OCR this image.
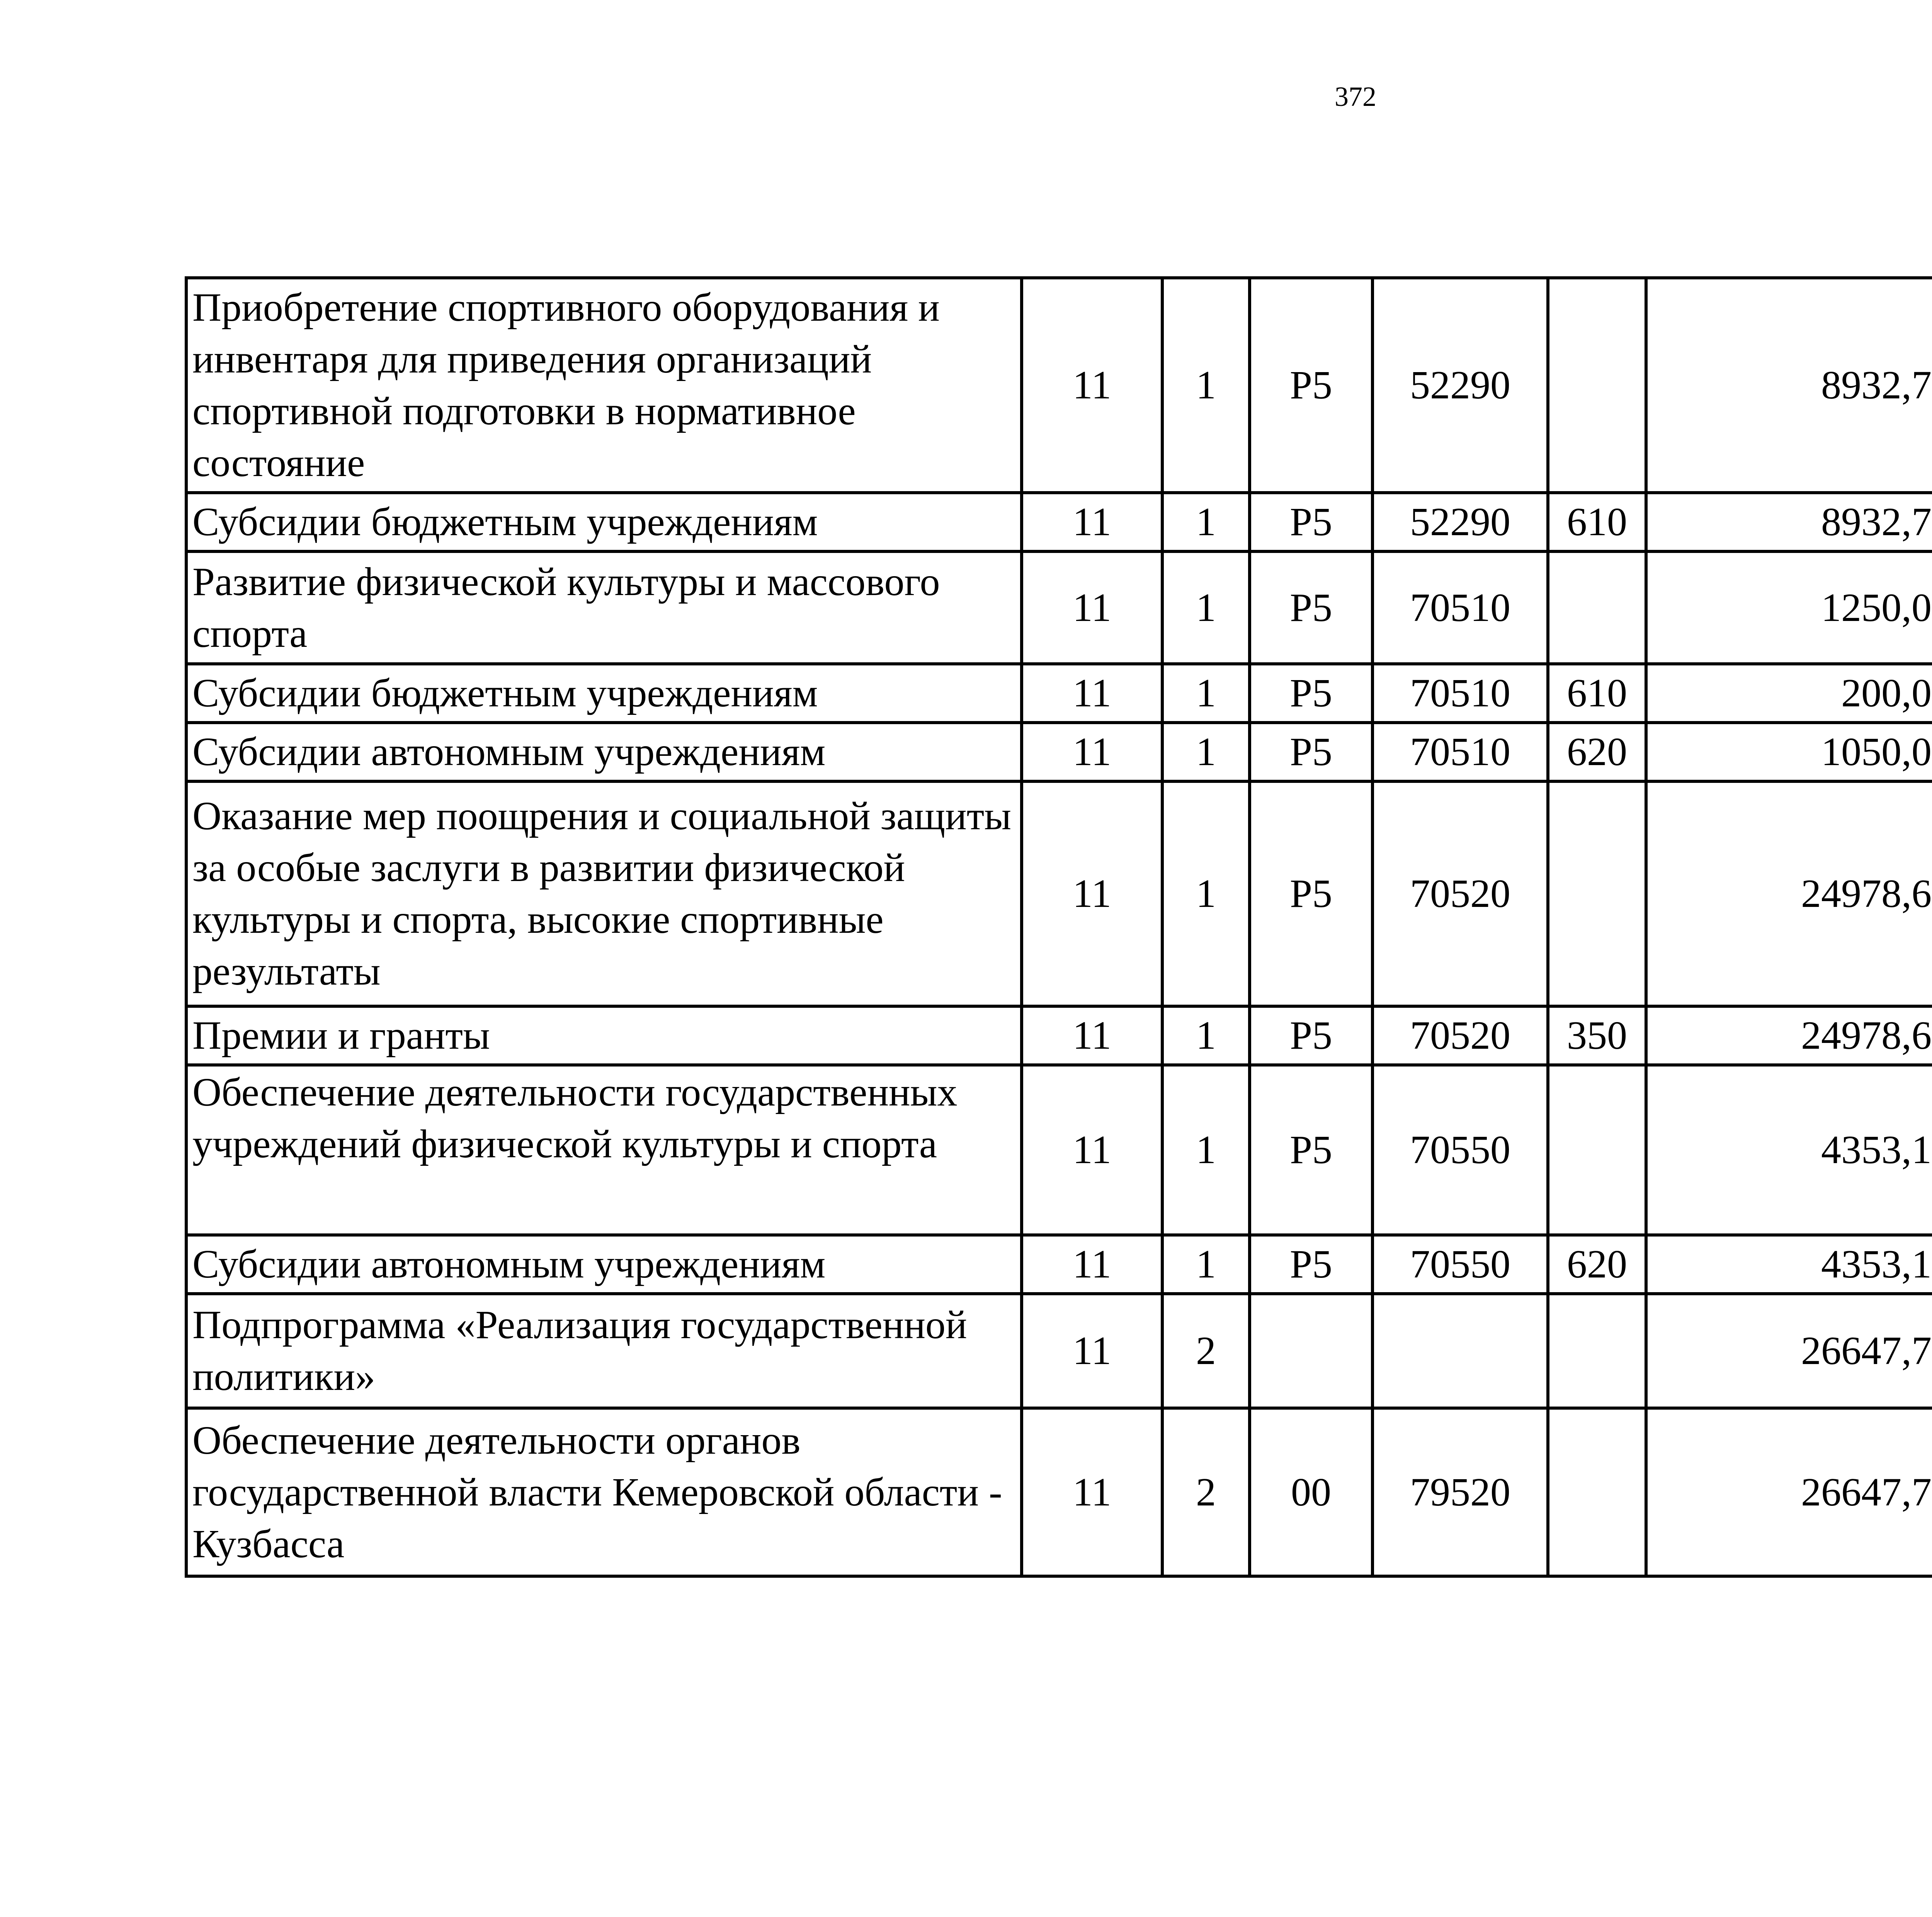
372
Приобретение спортивного оборудования и инвентаря для приведения организаций спортивной подготовки в нормативное состояние	11	1	P5	52290		8932,7		
Субсидии бюджетным учреждениям	11	1	P5	52290	610	8932,7		
Развитие физической культуры и массового спорта	11	1	P5	70510		1250,0		
Субсидии бюджетным учреждениям	11	1	P5	70510	610	200,0		
Субсидии автономным учреждениям	11	1	P5	70510	620	1050,0		
Оказание мер поощрения и социальной защиты за особые заслуги в развитии физической культуры и спорта, высокие спортивные результаты	11	1	P5	70520		24978,6		
Премии и гранты	11	1	P5	70520	350	24978,6		
Обеспечение деятельности государственных учреждений физической культуры и спорта	11	1	P5	70550		4353,1		
Субсидии автономным учреждениям	11	1	P5	70550	620	4353,1		
Подпрограмма «Реализация государственной политики»	11	2				26647,7		
Обеспечение деятельности органов государственной власти Кемеровской области - Кузбасса	11	2	00	79520		26647,7		
